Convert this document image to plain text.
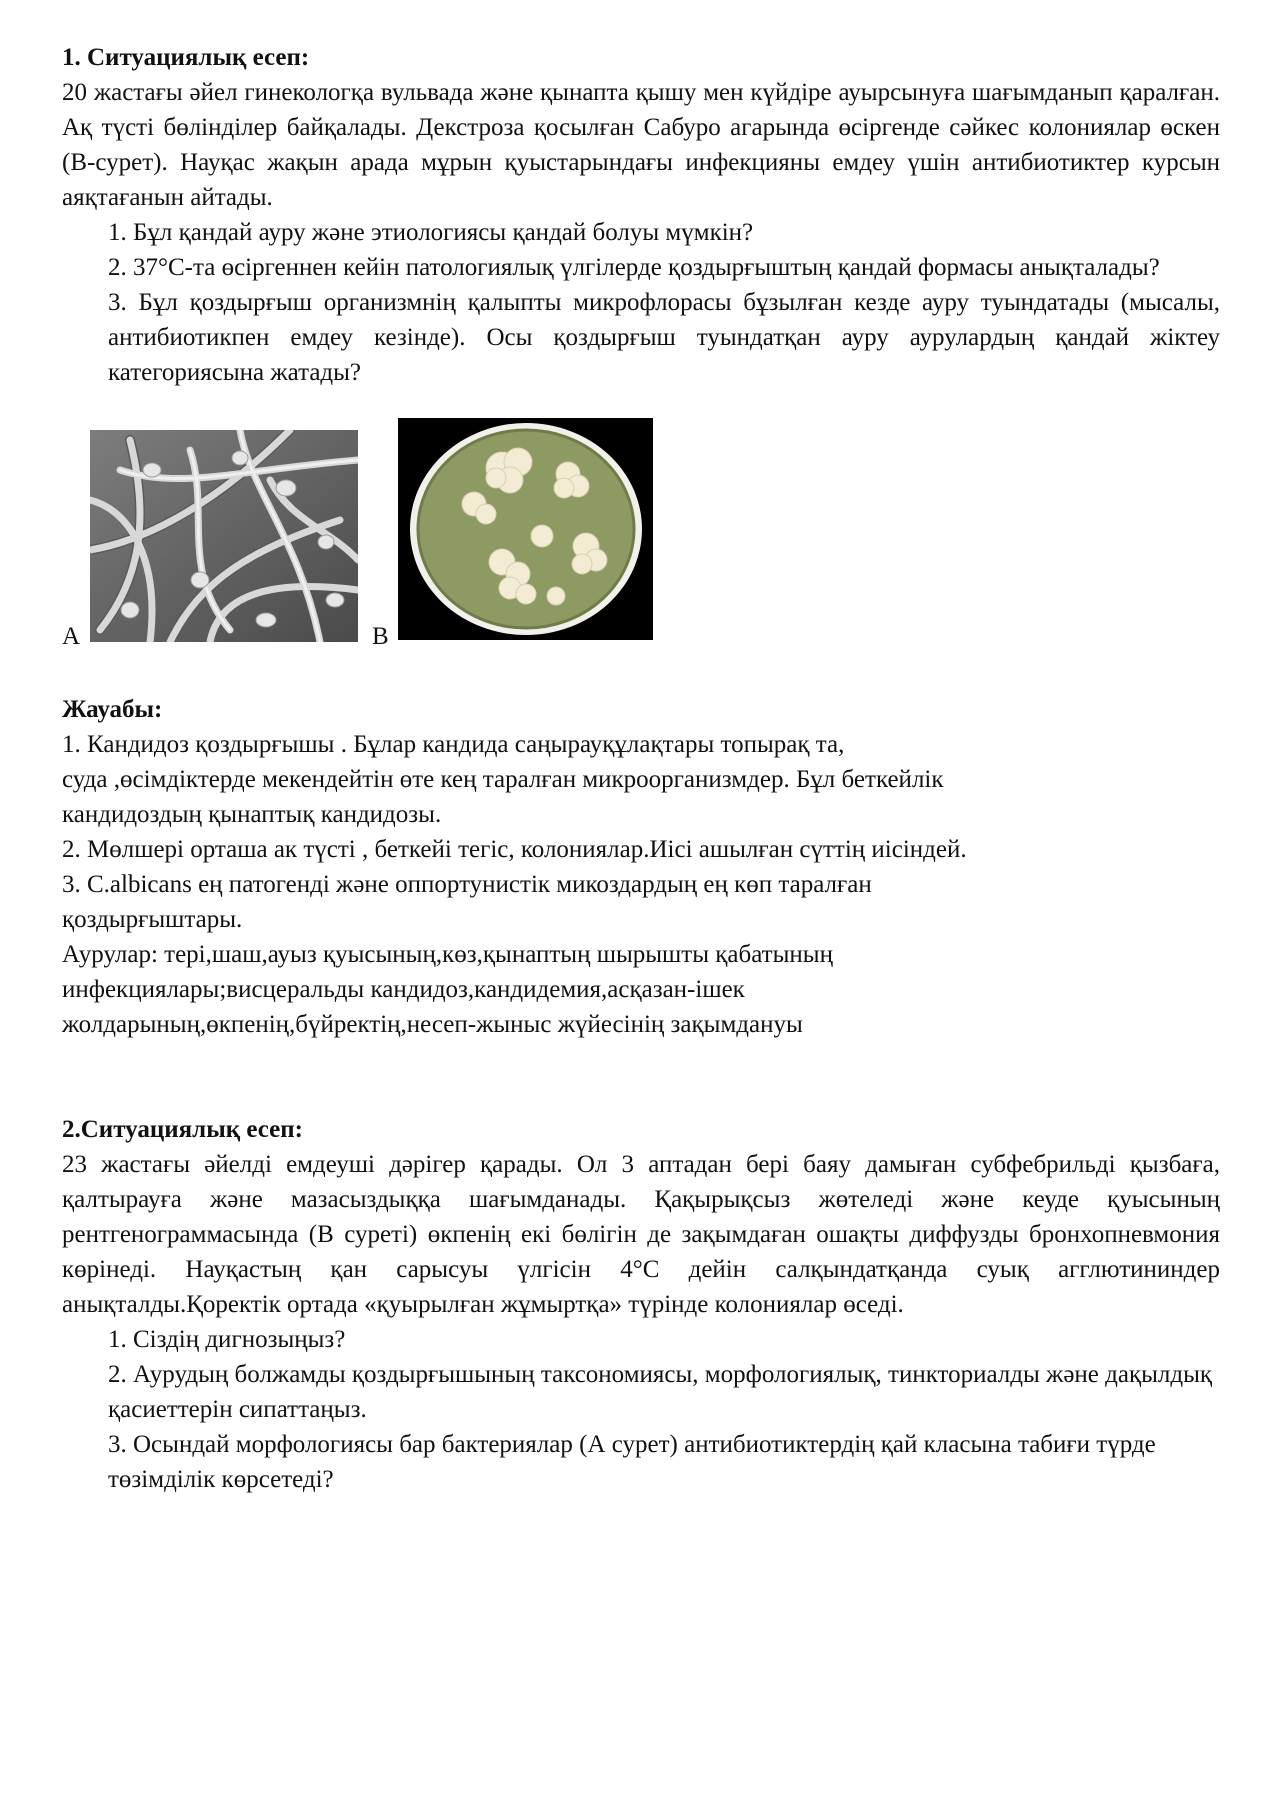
1. Ситуациялық есеп:

20 жастағы әйел гинекологқа вульвада және қынапта қышу мен күйдіре ауырсынуға шағымданып қаралған. Ақ түсті бөлінділер байқалады. Декстроза қосылған Сабуро агарында өсіргенде сәйкес колониялар өскен (В-сурет). Науқас жақын арада мұрын қуыстарындағы инфекцияны емдеу үшін антибиотиктер курсын аяқтағанын айтады.

1. Бұл қандай ауру және этиологиясы қандай болуы мүмкін?
2. 37°С-та өсіргеннен кейін патологиялық үлгілерде қоздырғыштың қандай формасы анықталады?
3. Бұл қоздырғыш организмнің қалыпты микрофлорасы бұзылған кезде ауру туындатады (мысалы, антибиотикпен емдеу кезінде). Осы қоздырғыш туындатқан ауру аурулардың қандай жіктеу категориясына жатады?
A	B

Жауабы:

1. Кандидоз қоздырғышы . Бұлар кандида саңырауқұлақтары топырақ та,

суда ,өсімдіктерде мекендейтін өте кең таралған микроорганизмдер. Бұл беткейлік

кандидоздың қынаптық кандидозы.

2. Мөлшері орташа ак түсті , беткейі тегіс, колониялар.Иісі ашылған сүттің иісіндей.

3. С.albicans ең патогенді және оппортунистік микоздардың ең көп таралған

қоздырғыштары.

Аурулар: тері,шаш,ауыз қуысының,көз,қынаптың шырышты қабатының

инфекциялары;висцеральды кандидоз,кандидемия,асқазан-ішек

жолдарының,өкпенің,бүйректің,несеп-жыныс жүйесінің зақымдануы

2.Ситуациялық есеп:

23 жастағы әйелді емдеуші дәрігер қарады. Ол 3 аптадан бері баяу дамыған субфебрильді қызбаға, қалтырауға және мазасыздыққа шағымданады. Қақырықсыз жөтеледі және кеуде қуысының рентгенограммасында (В суреті) өкпенің екі бөлігін де зақымдаған ошақты диффузды бронхопневмония көрінеді. Науқастың қан сарысуы үлгісін 4°С дейін салқындатқанда суық агглютининдер анықталды.Қоректік ортада «қуырылған жұмыртқа» түрінде колониялар өседі.

1. Сіздің дигнозыңыз?
2. Аурудың болжамды қоздырғышының таксономиясы, морфологиялық, тинкториалды және дақылдық қасиеттерін сипаттаңыз.
3. Осындай морфологиясы бар бактериялар (А сурет) антибиотиктердің қай класына табиғи түрде төзімділік көрсетеді?
